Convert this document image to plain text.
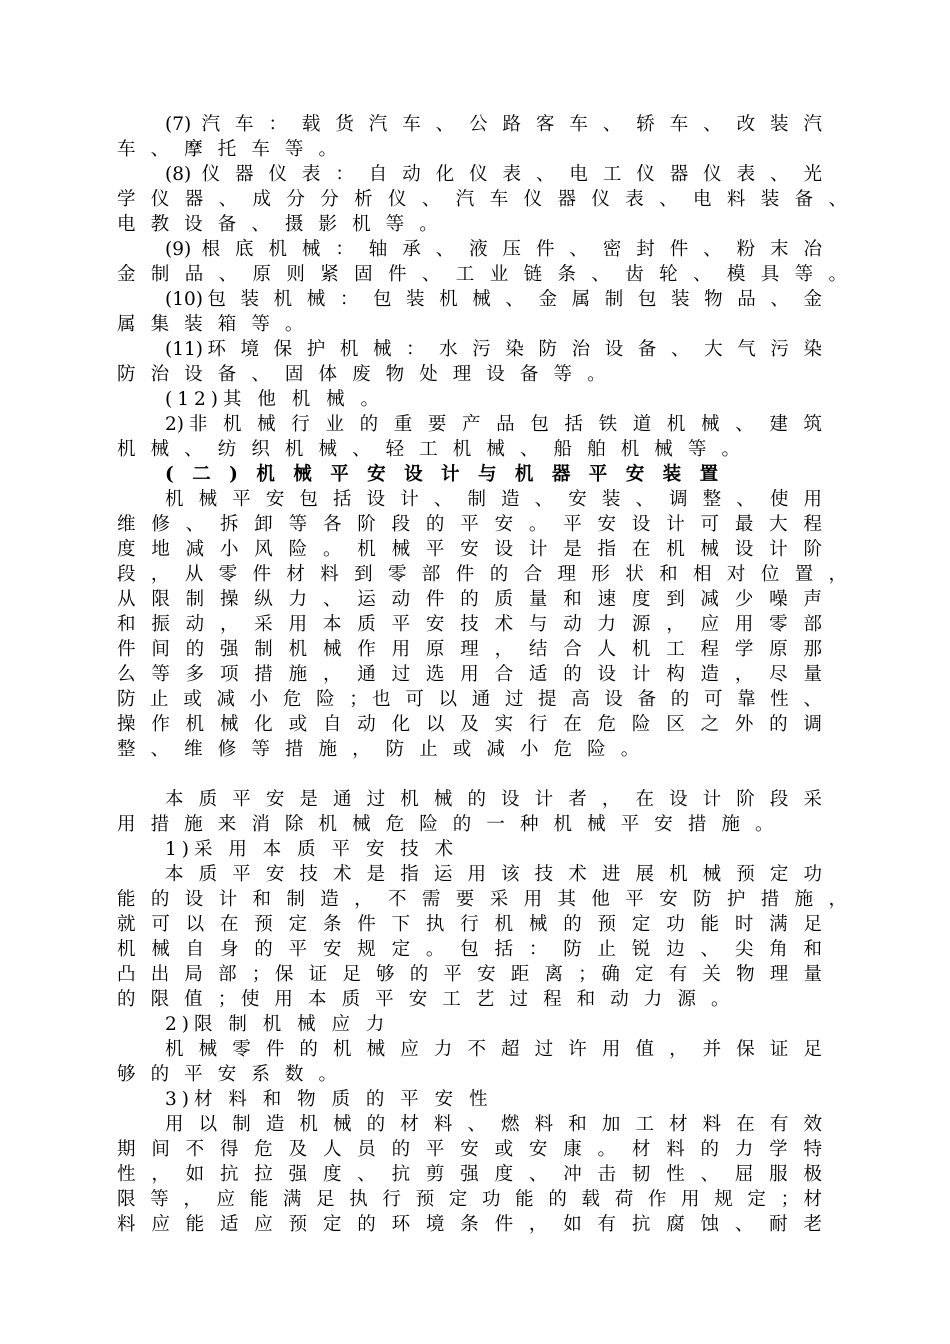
(7) 汽 车 ： 载 货 汽 车 、 公 路 客 车 、 轿 车 、 改 装 汽
车 、 摩 托 车 等 。
(8) 仪 器 仪 表 ： 自 动 化 仪 表 、 电 工 仪 器 仪 表 、 光
学 仪 器 、 成 分 分 析 仪 、 汽 车 仪 器 仪 表 、 电 料 装 备 、
电 教 设 备 、 摄 影 机 等 。
(9) 根 底 机 械 ： 轴 承 、 液 压 件 、 密 封 件 、 粉 末 冶
金 制 品 、 原 则 紧 固 件 、 工 业 链 条 、 齿 轮 、 模 具 等 。
(10)包 装 机 械 ： 包 装 机 械 、 金 属 制 包 装 物 品 、 金
属 集 装 箱 等 。
(11)环 境 保 护 机 械 ： 水 污 染 防 治 设 备 、 大 气 污 染
防 治 设 备 、 固 体 废 物 处 理 设 备 等 。
(12)其 他 机 械 。
2)非 机 械 行 业 的 重 要 产 品 包 括 铁 道 机 械 、 建 筑
机 械 、 纺 织 机 械 、 轻 工 机 械 、 船 舶 机 械 等 。
( 二 ) 机 械 平 安 设 计 与 机 器 平 安 装 置
机 械 平 安 包 括 设 计 、 制 造 、 安 装 、 调 整 、 使 用
维 修 、 拆 卸 等 各 阶 段 的 平 安 。 平 安 设 计 可 最 大 程
度 地 减 小 风 险 。 机 械 平 安 设 计 是 指 在 机 械 设 计 阶
段 ， 从 零 件 材 料 到 零 部 件 的 合 理 形 状 和 相 对 位 置 ，
从 限 制 操 纵 力 、 运 动 件 的 质 量 和 速 度 到 减 少 噪 声
和 振 动 ， 采 用 本 质 平 安 技 术 与 动 力 源 ， 应 用 零 部
件 间 的 强 制 机 械 作 用 原 理 ， 结 合 人 机 工 程 学 原 那
么 等 多 项 措 施 ， 通 过 选 用 合 适 的 设 计 构 造 ， 尽 量
防 止 或 减 小 危 险 ；也 可 以 通 过 提 高 设 备 的 可 靠 性 、
操 作 机 械 化 或 自 动 化 以 及 实 行 在 危 险 区 之 外 的 调
整 、 维 修 等 措 施 ， 防 止 或 减 小 危 险 。
本 质 平 安 是 通 过 机 械 的 设 计 者 ， 在 设 计 阶 段 采
用 措 施 来 消 除 机 械 危 险 的 一 种 机 械 平 安 措 施 。
1)采 用 本 质 平 安 技 术
本 质 平 安 技 术 是 指 运 用 该 技 术 进 展 机 械 预 定 功
能 的 设 计 和 制 造 ， 不 需 要 采 用 其 他 平 安 防 护 措 施 ，
就 可 以 在 预 定 条 件 下 执 行 机 械 的 预 定 功 能 时 满 足
机 械 自 身 的 平 安 规 定 。 包 括 ： 防 止 锐 边 、 尖 角 和
凸 出 局 部 ；保 证 足 够 的 平 安 距 离 ；确 定 有 关 物 理 量
的 限 值 ；使 用 本 质 平 安 工 艺 过 程 和 动 力 源 。
2)限 制 机 械 应 力
机 械 零 件 的 机 械 应 力 不 超 过 许 用 值 ， 并 保 证 足
够 的 平 安 系 数 。
3)材 料 和 物 质 的 平 安 性
用 以 制 造 机 械 的 材 料 、 燃 料 和 加 工 材 料 在 有 效
期 间 不 得 危 及 人 员 的 平 安 或 安 康 。 材 料 的 力 学 特
性 ， 如 抗 拉 强 度 、 抗 剪 强 度 、 冲 击 韧 性 、 屈 服 极
限 等 ， 应 能 满 足 执 行 预 定 功 能 的 载 荷 作 用 规 定 ；材
料 应 能 适 应 预 定 的 环 境 条 件 ， 如 有 抗 腐 蚀 、 耐 老
